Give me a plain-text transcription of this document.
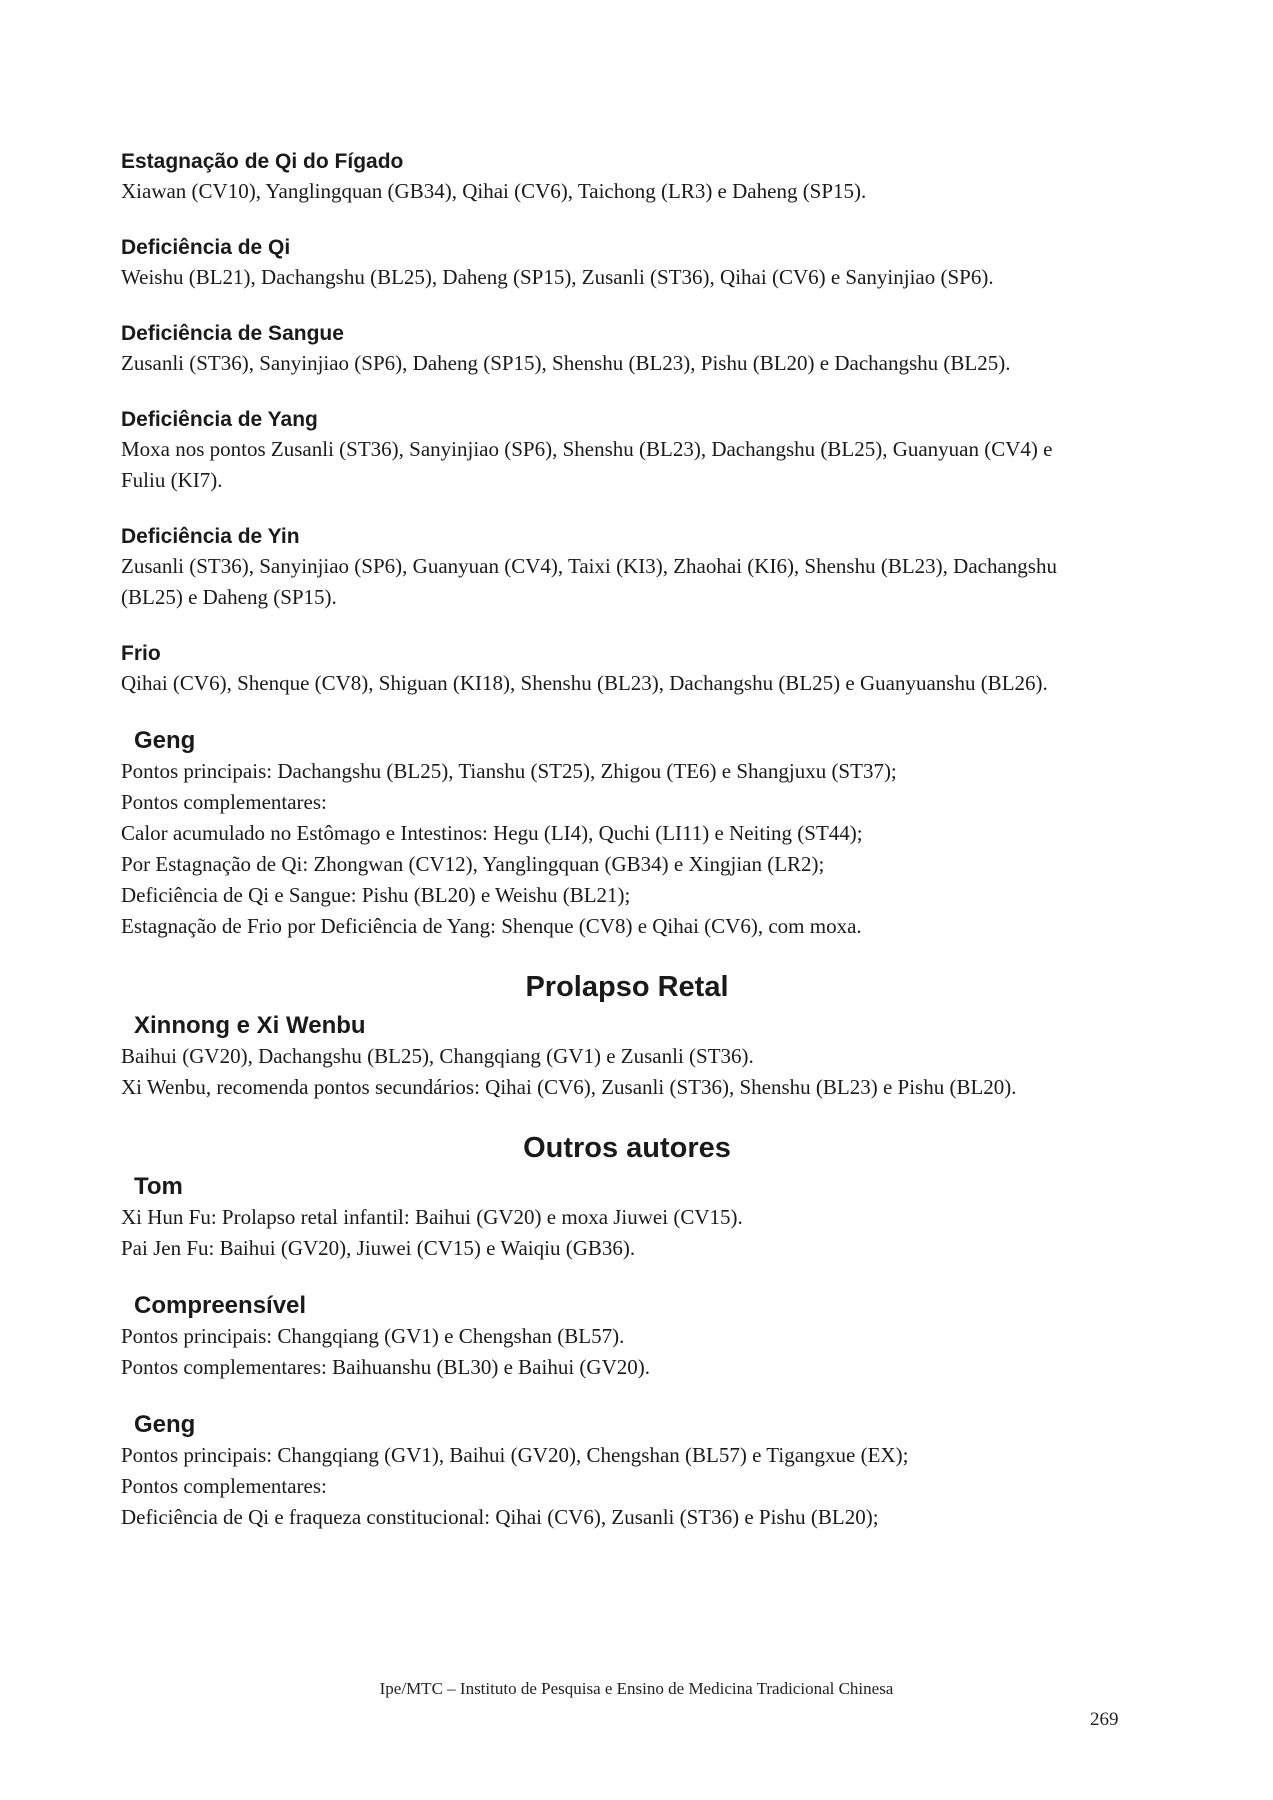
Estagnação de Qi do Fígado

Xiawan (CV10), Yanglingquan (GB34), Qihai (CV6), Taichong (LR3) e Daheng (SP15).

Deficiência de Qi

Weishu (BL21), Dachangshu (BL25), Daheng (SP15), Zusanli (ST36), Qihai (CV6) e Sanyinjiao (SP6).

Deficiência de Sangue

Zusanli (ST36), Sanyinjiao (SP6), Daheng (SP15), Shenshu (BL23), Pishu (BL20) e Dachangshu (BL25).

Deficiência de Yang

Moxa nos pontos Zusanli (ST36), Sanyinjiao (SP6), Shenshu (BL23), Dachangshu (BL25), Guanyuan (CV4) e

Fuliu (KI7).

Deficiência de Yin

Zusanli (ST36), Sanyinjiao (SP6), Guanyuan (CV4), Taixi (KI3), Zhaohai (KI6), Shenshu (BL23), Dachangshu

(BL25) e Daheng (SP15).

Frio

Qihai (CV6), Shenque (CV8), Shiguan (KI18), Shenshu (BL23), Dachangshu (BL25) e Guanyuanshu (BL26).

Geng

Pontos principais: Dachangshu (BL25), Tianshu (ST25), Zhigou (TE6) e Shangjuxu (ST37);

Pontos complementares:

Calor acumulado no Estômago e Intestinos: Hegu (LI4), Quchi (LI11) e Neiting (ST44);

Por Estagnação de Qi: Zhongwan (CV12), Yanglingquan (GB34) e Xingjian (LR2);

Deficiência de Qi e Sangue: Pishu (BL20) e Weishu (BL21);

Estagnação de Frio por Deficiência de Yang: Shenque (CV8) e Qihai (CV6), com moxa.

Prolapso Retal

Xinnong e Xi Wenbu

Baihui (GV20), Dachangshu (BL25), Changqiang (GV1) e Zusanli (ST36).

Xi Wenbu, recomenda pontos secundários: Qihai (CV6), Zusanli (ST36), Shenshu (BL23) e Pishu (BL20).

Outros autores

Tom

Xi Hun Fu: Prolapso retal infantil: Baihui (GV20) e moxa Jiuwei (CV15).

Pai Jen Fu: Baihui (GV20), Jiuwei (CV15) e Waiqiu (GB36).

Compreensível

Pontos principais: Changqiang (GV1) e Chengshan (BL57).

Pontos complementares: Baihuanshu (BL30) e Baihui (GV20).

Geng

Pontos principais: Changqiang (GV1), Baihui (GV20), Chengshan (BL57) e Tigangxue (EX);

Pontos complementares:

Deficiência de Qi e fraqueza constitucional: Qihai (CV6), Zusanli (ST36) e Pishu (BL20);

Ipe/MTC – Instituto de Pesquisa e Ensino de Medicina Tradicional Chinesa
269
